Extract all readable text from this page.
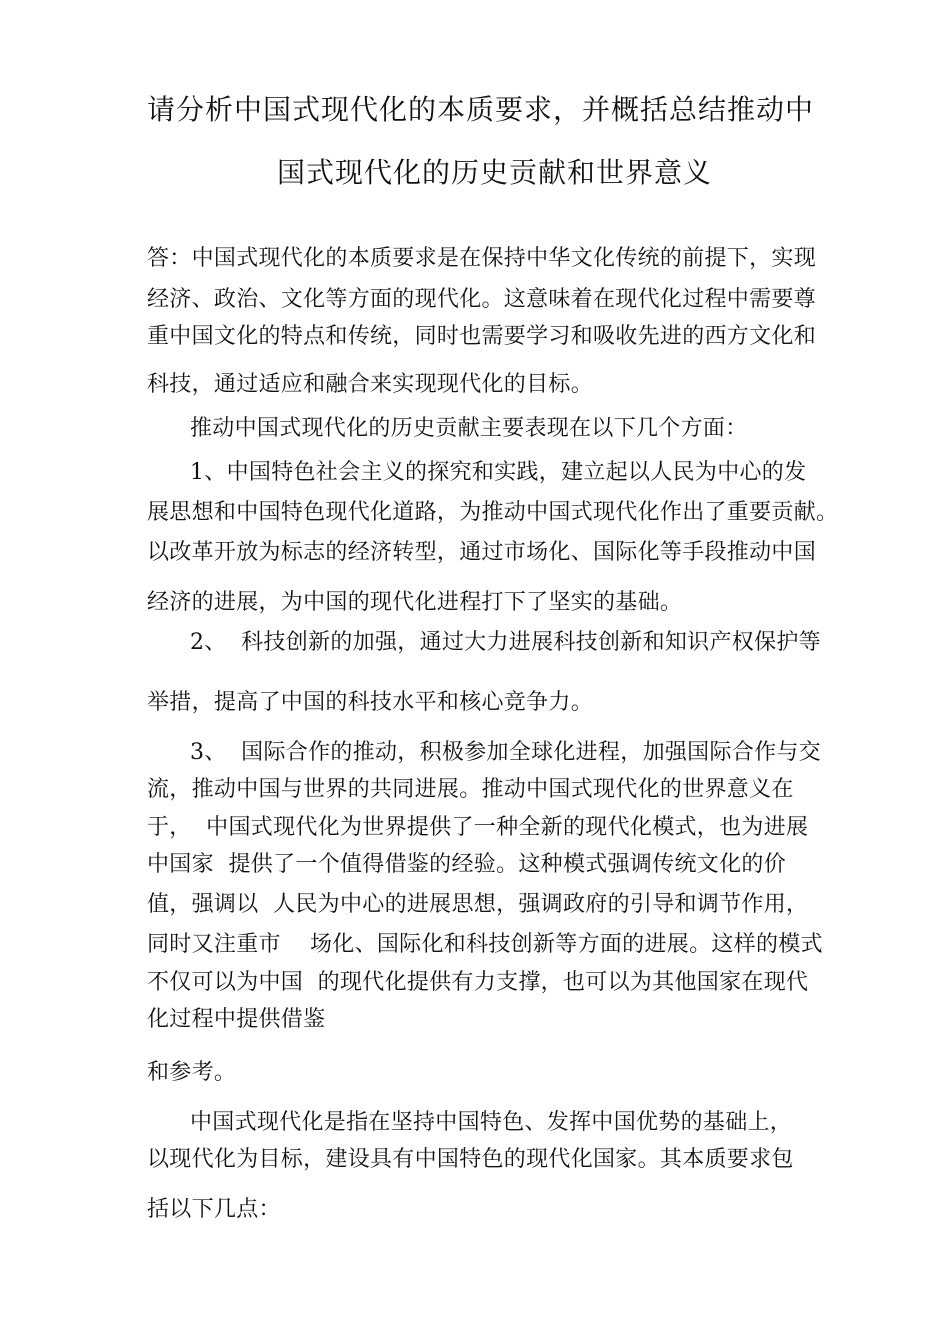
请分析中国式现代化的本质要求，并概括总结推动中
国式现代化的历史贡献和世界意义
答：中国式现代化的本质要求是在保持中华文化传统的前提下，实现
经济、政治、文化等方面的现代化。这意味着在现代化过程中需要尊
重中国文化的特点和传统，同时也需要学习和吸收先进的西方文化和
科技，通过适应和融合来实现现代化的目标。
推动中国式现代化的历史贡献主要表现在以下几个方面：
1、中国特色社会主义的探究和实践，建立起以人民为中心的发
展思想和中国特色现代化道路，为推动中国式现代化作出了重要贡献。
以改革开放为标志的经济转型，通过市场化、国际化等手段推动中国
经济的进展，为中国的现代化进程打下了坚实的基础。
2、  科技创新的加强，通过大力进展科技创新和知识产权保护等
举措，提高了中国的科技水平和核心竞争力。
3、  国际合作的推动，积极参加全球化进程，加强国际合作与交
流，推动中国与世界的共同进展。推动中国式现代化的世界意义在
于，  中国式现代化为世界提供了一种全新的现代化模式，也为进展
中国家  提供了一个值得借鉴的经验。这种模式强调传统文化的价
值，强调以  人民为中心的进展思想，强调政府的引导和调节作用，
同时又注重市    场化、国际化和科技创新等方面的进展。这样的模式
不仅可以为中国  的现代化提供有力支撑，也可以为其他国家在现代
化过程中提供借鉴
和参考。
中国式现代化是指在坚持中国特色、发挥中国优势的基础上，
以现代化为目标，建设具有中国特色的现代化国家。其本质要求包
括以下几点：
